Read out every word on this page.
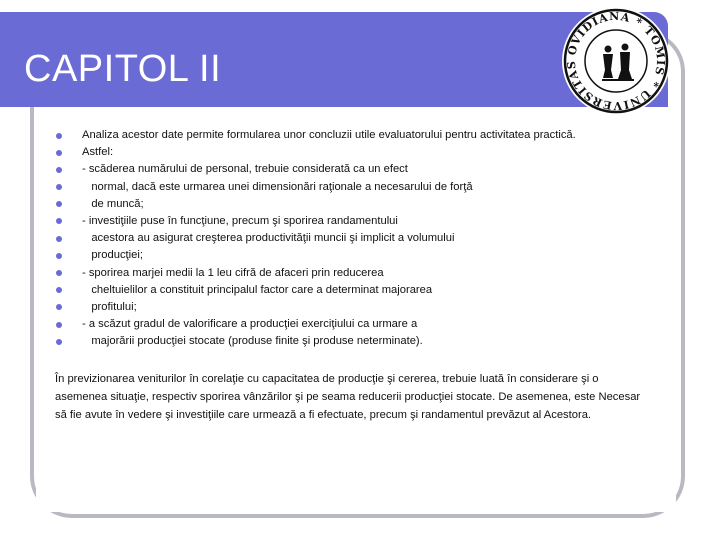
CAPITOL II	OVIDIANA * TOMIS * UNIVERSITAS
Analiza acestor date permite formularea unor concluzii utile evaluatorului pentru activitatea practică.
Astfel:
- scăderea numărului de personal, trebuie considerată ca un efect
normal, dacă este urmarea unei dimensionări raţionale a necesarului de forţă
de muncă;
- investiţiile puse în funcţiune, precum şi sporirea randamentului
acestora au asigurat creşterea productivităţii muncii şi implicit a volumului
producţiei;
- sporirea marjei medii la 1 leu cifră de afaceri prin reducerea
cheltuielilor a constituit principalul factor care a determinat majorarea
profitului;
- a scăzut gradul de valorificare a producţiei exerciţiului ca urmare a
majorării producţiei stocate (produse finite şi produse neterminate).

În previzionarea veniturilor în corelaţie cu capacitatea de producţie şi cererea, trebuie luată în considerare şi o asemenea situaţie, respectiv sporirea vânzărilor şi pe seama reducerii producţiei stocate. De asemenea, este Necesar să fie avute în vedere şi investiţiile care urmează a fi efectuate, precum şi randamentul prevăzut al Acestora.
